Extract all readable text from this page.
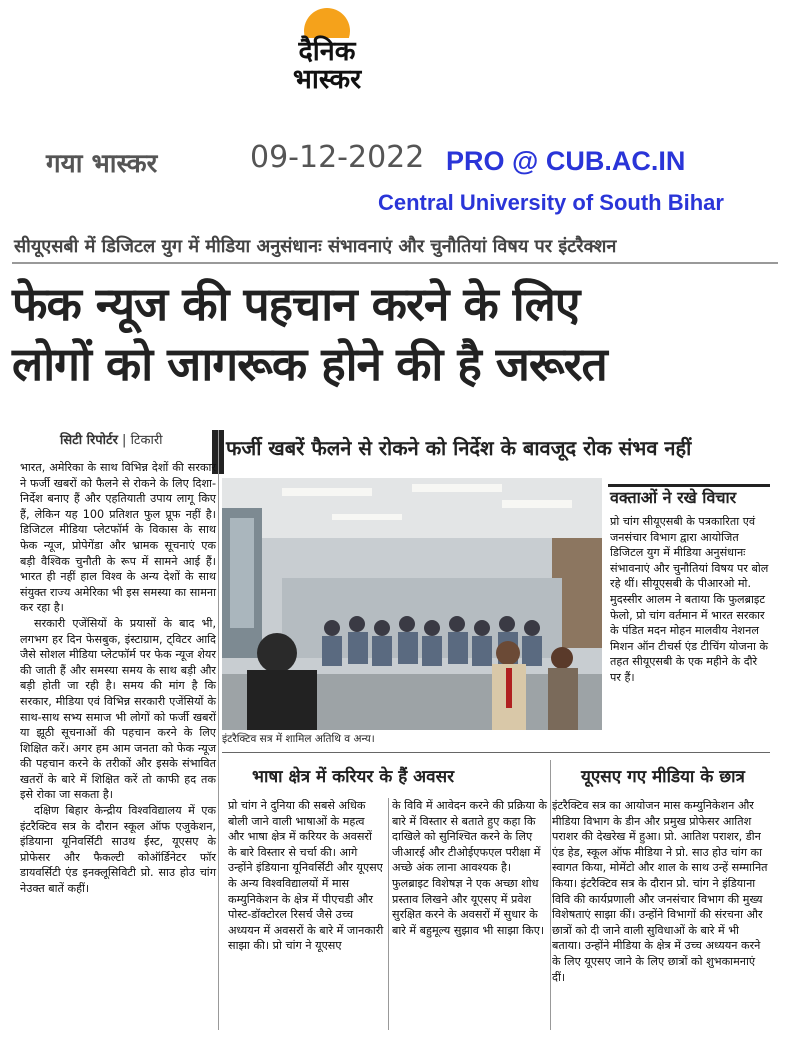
दैनिक
भास्कर
गया भास्कर	09-12-2022 PRO @ CUB.AC.IN
Central University of South Bihar
सीयूएसबी में डिजिटल युग में मीडिया अनुसंधानः संभावनाएं और चुनौतियां विषय पर इंटरैक्शन
फेक न्यूज की पहचान करने के लिए
लोगों को जागरूक होने की है जरूरत
सिटी रिपोर्टर | टिकारी	फर्जी खबरें फैलने से रोकने को निर्देश के बावजूद रोक संभव नहीं

भारत, अमेरिका के साथ विभिन्न देशों की सरकार ने फर्जी खबरों को फैलने से रोकने के लिए दिशा-निर्देश बनाए हैं और एहतियाती उपाय लागू किए हैं, लेकिन यह 100 प्रतिशत फुल प्रूफ नहीं है। डिजिटल मीडिया प्लेटफॉर्म के विकास के साथ फेक न्यूज, प्रोपेगेंडा और भ्रामक सूचनाएं एक बड़ी वैश्विक चुनौती के रूप में सामने आई हैं। भारत ही नहीं हाल विश्व के अन्य देशों के साथ संयुक्त राज्य अमेरिका भी इस समस्या का सामना कर रहा है।

सरकारी एजेंसियों के प्रयासों के बाद भी, लगभग हर दिन फेसबुक, इंस्टाग्राम, ट्विटर आदि जैसे सोशल मीडिया प्लेटफॉर्म पर फेक न्यूज शेयर की जाती हैं और समस्या समय के साथ बड़ी और बड़ी होती जा रही है। समय की मांग है कि सरकार, मीडिया एवं विभिन्न सरकारी एजेंसियों के साथ-साथ सभ्य समाज भी लोगों को फर्जी खबरों या झूठी सूचनाओं की पहचान करने के लिए शिक्षित करें। अगर हम आम जनता को फेक न्यूज की पहचान करने के तरीकों और इसके संभावित खतरों के बारे में शिक्षित करें तो काफी हद तक इसे रोका जा सकता है।

दक्षिण बिहार केन्द्रीय विश्वविद्यालय में एक इंटरैक्टिव सत्र के दौरान स्कूल ऑफ एजुकेशन, इंडियाना यूनिवर्सिटी साउथ ईस्ट, यूएसए के प्रोफेसर और फैकल्टी कोऑर्डिनेटर फॉर डायवर्सिटी एंड इनक्लूसिविटी प्रो. साउ होउ चांग नेउक्त बातें कहीं।

इंटरैक्टिव सत्र में शामिल अतिथि व अन्य।
वक्ताओं ने रखे विचार
प्रो चांग सीयूएसबी के पत्रकारिता एवं जनसंचार विभाग द्वारा आयोजित डिजिटल युग में मीडिया अनुसंधानः संभावनाएं और चुनौतियां विषय पर बोल रहे थीं। सीयूएसबी के पीआरओ मो. मुदस्सीर आलम ने बताया कि फुलब्राइट फेलो, प्रो चांग वर्तमान में भारत सरकार के पंडित मदन मोहन मालवीय नेशनल मिशन ऑन टीचर्स एंड टीचिंग योजना के तहत सीयूएसबी के एक महीने के दौरे पर हैं।
भाषा क्षेत्र में करियर के हैं अवसर	यूएसए गए मीडिया के छात्र
प्रो चांग ने दुनिया की सबसे अधिक बोली जाने वाली भाषाओं के महत्व और भाषा क्षेत्र में करियर के अवसरों के बारे विस्तार से चर्चा की। आगे उन्होंने इंडियाना यूनिवर्सिटी और यूएसए के अन्य विश्वविद्यालयों में मास कम्युनिकेशन के क्षेत्र में पीएचडी और पोस्ट-डॉक्टोरल रिसर्च जैसे उच्च अध्ययन में अवसरों के बारे में जानकारी साझा की। प्रो चांग ने यूएसए
के विवि में आवेदन करने की प्रक्रिया के बारे में विस्तार से बताते हुए कहा कि दाखिले को सुनिश्चित करने के लिए जीआरई और टीओईएफएल परीक्षा में अच्छे अंक लाना आवश्यक है। फुलब्राइट विशेषज्ञ ने एक अच्छा शोध प्रस्ताव लिखने और यूएसए में प्रवेश सुरक्षित करने के अवसरों में सुधार के बारे में बहुमूल्य सुझाव भी साझा किए।
इंटरैक्टिव सत्र का आयोजन मास कम्युनिकेशन और मीडिया विभाग के डीन और प्रमुख प्रोफेसर आतिश पराशर की देखरेख में हुआ। प्रो. आतिश पराशर, डीन एंड हेड, स्कूल ऑफ मीडिया ने प्रो. साउ होउ चांग का स्वागत किया, मोमेंटो और शाल के साथ उन्हें सम्मानित किया। इंटरैक्टिव सत्र के दौरान प्रो. चांग ने इंडियाना विवि की कार्यप्रणाली और जनसंचार विभाग की मुख्य विशेषताएं साझा कीं। उन्होंने विभागों की संरचना और छात्रों को दी जाने वाली सुविधाओं के बारे में भी बताया। उन्होंने मीडिया के क्षेत्र में उच्च अध्ययन करने के लिए यूएसए जाने के लिए छात्रों को शुभकामनाएं दीं।
